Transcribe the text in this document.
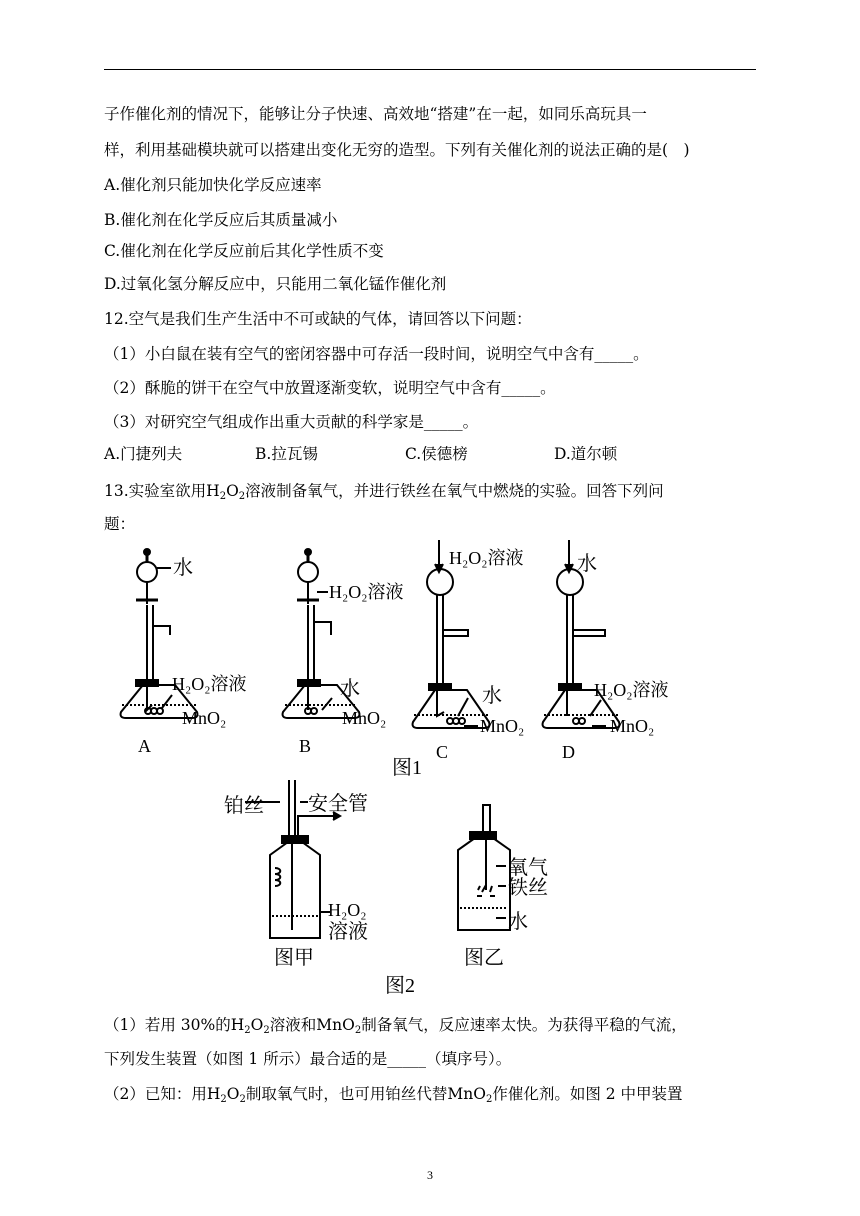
子作催化剂的情况下，能够让分子快速、高效地“搭建”在一起，如同乐高玩具一
样，利用基础模块就可以搭建出变化无穷的造型。下列有关催化剂的说法正确的是( )
A.催化剂只能加快化学反应速率
B.催化剂在化学反应后其质量减小
C.催化剂在化学反应前后其化学性质不变
D.过氧化氢分解反应中，只能用二氧化锰作催化剂
12.空气是我们生产生活中不可或缺的气体，请回答以下问题：
（1）小白鼠在装有空气的密闭容器中可存活一段时间，说明空气中含有_____。
（2）酥脆的饼干在空气中放置逐渐变软，说明空气中含有_____。
（3）对研究空气组成作出重大贡献的科学家是_____。
A.门捷列夫	B.拉瓦锡	C.侯德榜	D.道尔顿
13.实验室欲用$H_2O_2$溶液制备氧气，并进行铁丝在氧气中燃烧的实验。回答下列问
题：
水
H₂O₂溶液
MnO₂
A
H₂O₂溶液
水
MnO₂
B
H₂O₂溶液
水
MnO₂
C
水
H₂O₂溶液
MnO₂
D
图1
铂丝 安全管
H₂O₂
溶液
图甲
氧气
铁丝
水
图乙
图2
（1）若用 30%的$H_2O_2$溶液和MnO$_2$制备氧气，反应速率太快。为获得平稳的气流，
下列发生装置（如图 1 所示）最合适的是_____（填序号）。
（2）已知：用$H_2O_2$制取氧气时，也可用铂丝代替MnO$_2$作催化剂。如图 2 中甲装置
3
